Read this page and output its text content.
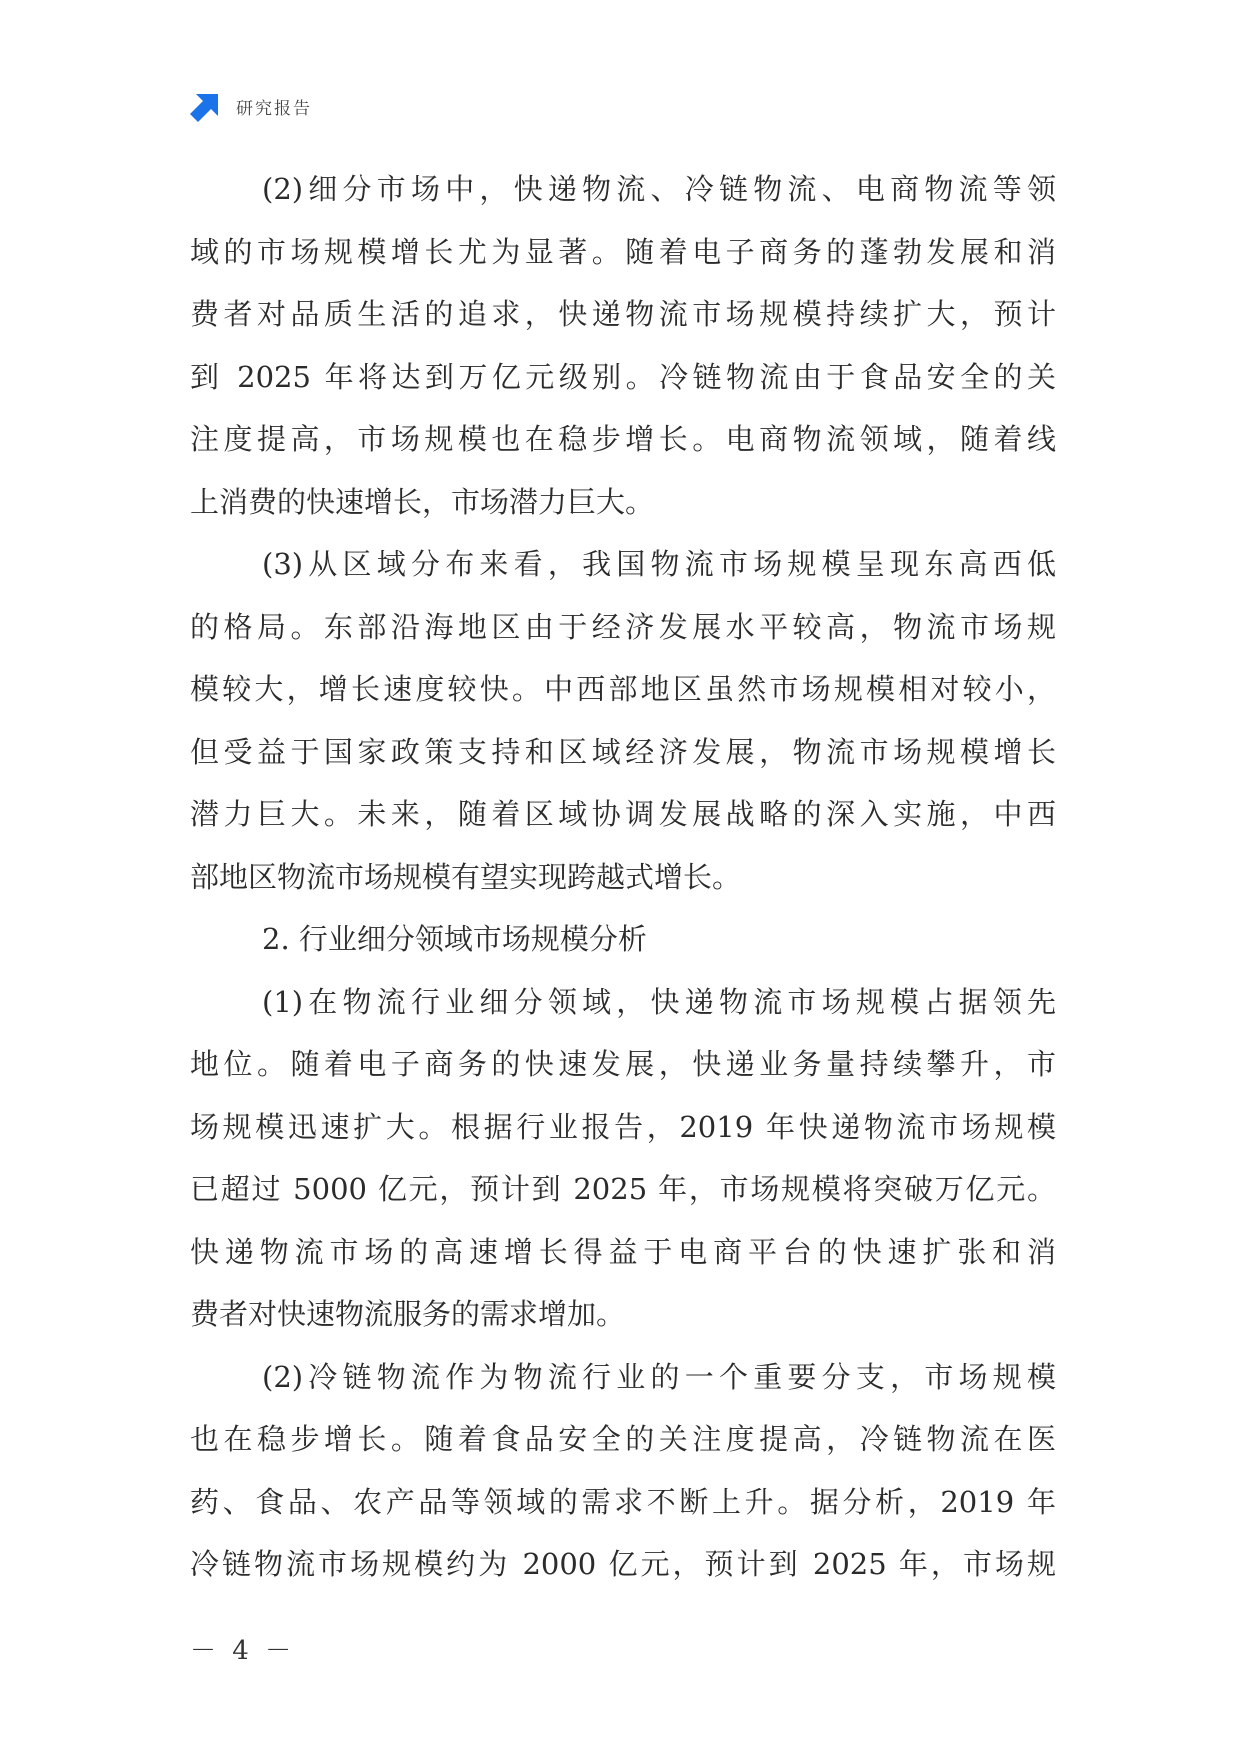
研究报告
(2)细分市场中，快递物流、冷链物流、电商物流等领
域的市场规模增长尤为显著。随着电子商务的蓬勃发展和消
费者对品质生活的追求，快递物流市场规模持续扩大，预计
到 2025 年将达到万亿元级别。冷链物流由于食品安全的关
注度提高，市场规模也在稳步增长。电商物流领域，随着线
上消费的快速增长，市场潜力巨大。
(3)从区域分布来看，我国物流市场规模呈现东高西低
的格局。东部沿海地区由于经济发展水平较高，物流市场规
模较大，增长速度较快。中西部地区虽然市场规模相对较小，
但受益于国家政策支持和区域经济发展，物流市场规模增长
潜力巨大。未来，随着区域协调发展战略的深入实施，中西
部地区物流市场规模有望实现跨越式增长。
2. 行业细分领域市场规模分析
(1)在物流行业细分领域，快递物流市场规模占据领先
地位。随着电子商务的快速发展，快递业务量持续攀升，市
场规模迅速扩大。根据行业报告，2019 年快递物流市场规模
已超过 5000 亿元，预计到 2025 年，市场规模将突破万亿元。
快递物流市场的高速增长得益于电商平台的快速扩张和消
费者对快速物流服务的需求增加。
(2)冷链物流作为物流行业的一个重要分支，市场规模
也在稳步增长。随着食品安全的关注度提高，冷链物流在医
药、食品、农产品等领域的需求不断上升。据分析，2019 年
冷链物流市场规模约为 2000 亿元，预计到 2025 年，市场规
－ 4 －
